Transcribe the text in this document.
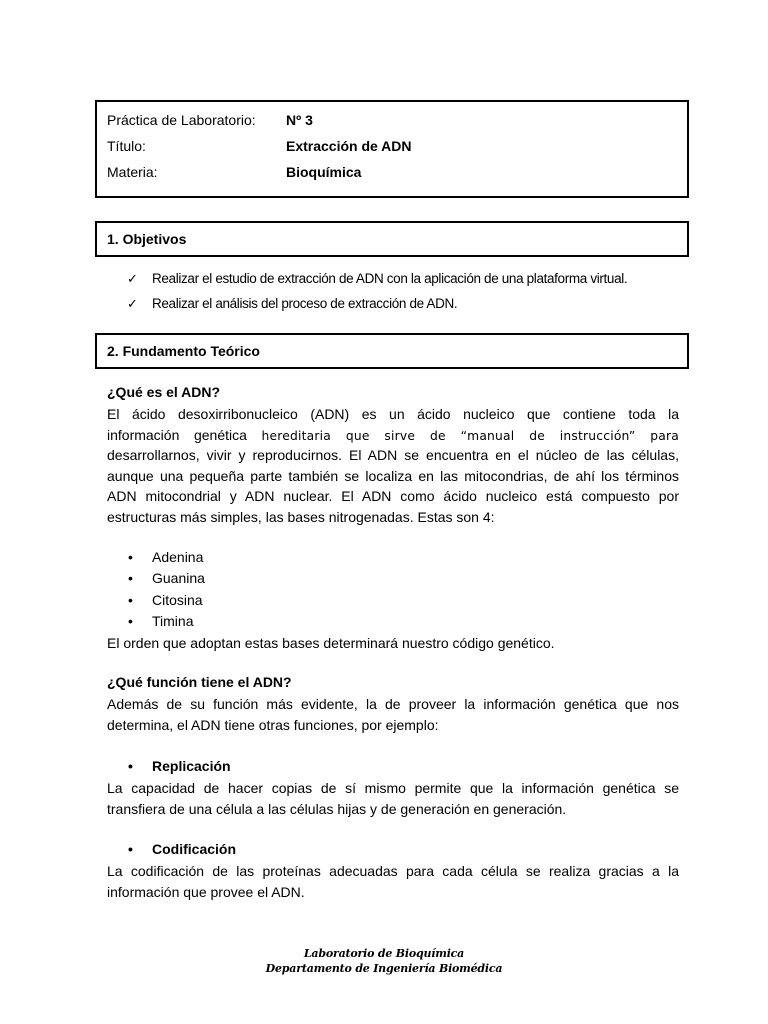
Práctica de Laboratorio: Nº 3
Título:	Extracción de ADN
Materia:	Bioquímica
1. Objetivos
✓ Realizar el estudio de extracción de ADN con la aplicación de una plataforma virtual.
✓ Realizar el análisis del proceso de extracción de ADN.
2. Fundamento Teórico
¿Qué es el ADN?
El ácido desoxirribonucleico (ADN) es un ácido nucleico que contiene toda la
información genética hereditaria que sirve de “manual de instrucción” para
desarrollarnos, vivir y reproducirnos. El ADN se encuentra en el núcleo de las células,
aunque una pequeña parte también se localiza en las mitocondrias, de ahí los términos
ADN mitocondrial y ADN nuclear. El ADN como ácido nucleico está compuesto por
estructuras más simples, las bases nitrogenadas. Estas son 4:
• Adenina
• Guanina
• Citosina
• Timina
El orden que adoptan estas bases determinará nuestro código genético.
¿Qué función tiene el ADN?
Además de su función más evidente, la de proveer la información genética que nos
determina, el ADN tiene otras funciones, por ejemplo:
• Replicación
La capacidad de hacer copias de sí mismo permite que la información genética se
transfiera de una célula a las células hijas y de generación en generación.
• Codificación
La codificación de las proteínas adecuadas para cada célula se realiza gracias a la
información que provee el ADN.
Laboratorio de Bioquímica
Departamento de Ingeniería Biomédica
